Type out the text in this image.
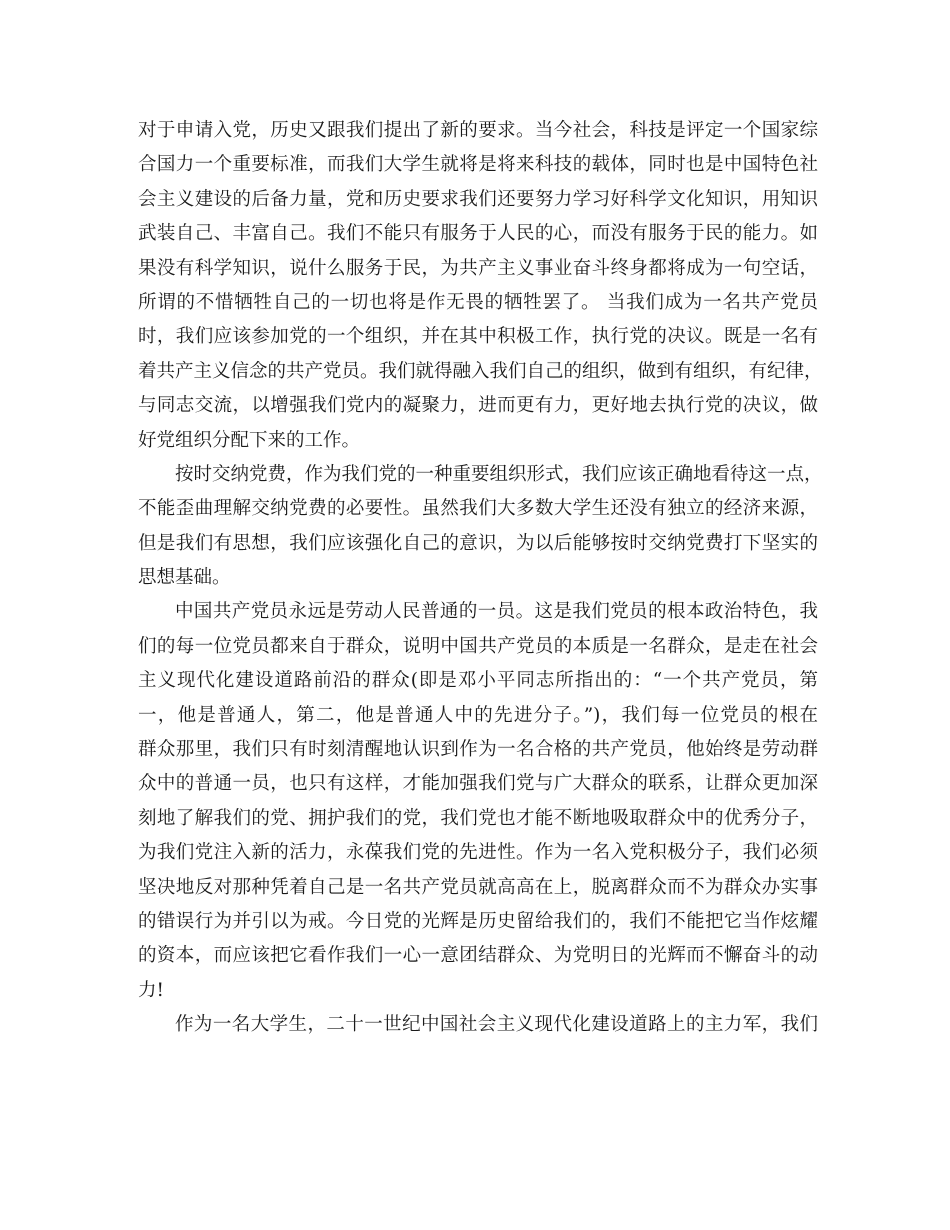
对于申请入党，历史又跟我们提出了新的要求。当今社会，科技是评定一个国家综
合国力一个重要标准，而我们大学生就将是将来科技的载体，同时也是中国特色社
会主义建设的后备力量，党和历史要求我们还要努力学习好科学文化知识，用知识
武装自己、丰富自己。我们不能只有服务于人民的心，而没有服务于民的能力。如
果没有科学知识，说什么服务于民，为共产主义事业奋斗终身都将成为一句空话，
所谓的不惜牺牲自己的一切也将是作无畏的牺牲罢了。 当我们成为一名共产党员
时，我们应该参加党的一个组织，并在其中积极工作，执行党的决议。既是一名有
着共产主义信念的共产党员。我们就得融入我们自己的组织，做到有组织，有纪律，
与同志交流，以增强我们党内的凝聚力，进而更有力，更好地去执行党的决议，做
好党组织分配下来的工作。
按时交纳党费，作为我们党的一种重要组织形式，我们应该正确地看待这一点，
不能歪曲理解交纳党费的必要性。虽然我们大多数大学生还没有独立的经济来源，
但是我们有思想，我们应该强化自己的意识，为以后能够按时交纳党费打下坚实的
思想基础。
中国共产党员永远是劳动人民普通的一员。这是我们党员的根本政治特色，我
们的每一位党员都来自于群众，说明中国共产党员的本质是一名群众，是走在社会
主义现代化建设道路前沿的群众(即是邓小平同志所指出的：“一个共产党员，第
一，他是普通人，第二，他是普通人中的先进分子。”)，我们每一位党员的根在
群众那里，我们只有时刻清醒地认识到作为一名合格的共产党员，他始终是劳动群
众中的普通一员，也只有这样，才能加强我们党与广大群众的联系，让群众更加深
刻地了解我们的党、拥护我们的党，我们党也才能不断地吸取群众中的优秀分子，
为我们党注入新的活力，永葆我们党的先进性。作为一名入党积极分子，我们必须
坚决地反对那种凭着自己是一名共产党员就高高在上，脱离群众而不为群众办实事
的错误行为并引以为戒。今日党的光辉是历史留给我们的，我们不能把它当作炫耀
的资本，而应该把它看作我们一心一意团结群众、为党明日的光辉而不懈奋斗的动
力!
作为一名大学生，二十一世纪中国社会主义现代化建设道路上的主力军，我们
